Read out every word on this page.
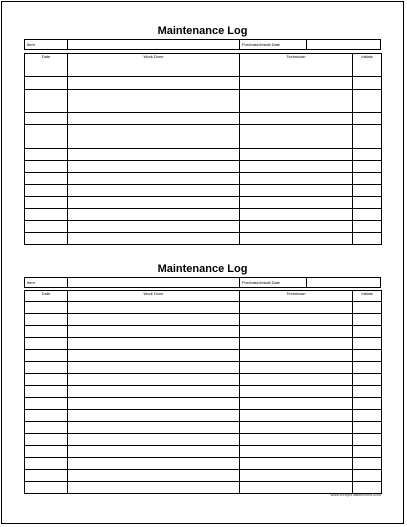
Maintenance Log
Item	Purchase/Install Date
Date	Work Done	Technician	Initials

Maintenance Log
Item	Purchase/Install Date
Date	Work Done	Technician	Initials

www.freeprintableforms.com
